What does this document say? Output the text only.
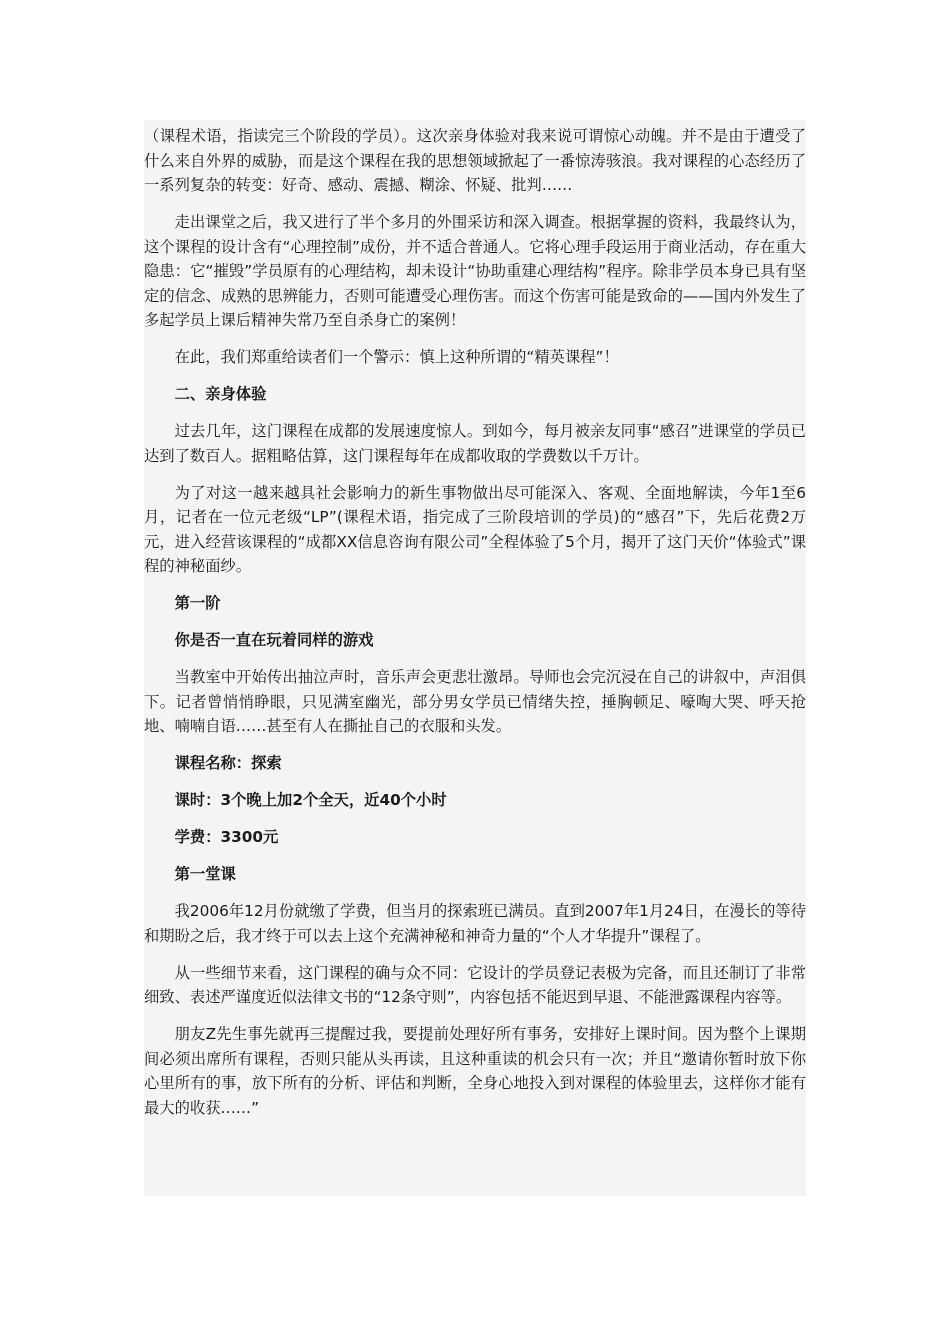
（课程术语，指读完三个阶段的学员）。这次亲身体验对我来说可谓惊心动魄。并不是由于遭受了什么来自外界的威胁，而是这个课程在我的思想领域掀起了一番惊涛骇浪。我对课程的心态经历了一系列复杂的转变：好奇、感动、震撼、糊涂、怀疑、批判……

走出课堂之后，我又进行了半个多月的外围采访和深入调查。根据掌握的资料，我最终认为，这个课程的设计含有“心理控制”成份，并不适合普通人。它将心理手段运用于商业活动，存在重大隐患：它“摧毁”学员原有的心理结构，却未设计“协助重建心理结构”程序。除非学员本身已具有坚定的信念、成熟的思辨能力，否则可能遭受心理伤害。而这个伤害可能是致命的——国内外发生了多起学员上课后精神失常乃至自杀身亡的案例！

在此，我们郑重给读者们一个警示：慎上这种所谓的“精英课程”！

二、亲身体验

过去几年，这门课程在成都的发展速度惊人。到如今，每月被亲友同事“感召”进课堂的学员已达到了数百人。据粗略估算，这门课程每年在成都收取的学费数以千万计。

为了对这一越来越具社会影响力的新生事物做出尽可能深入、客观、全面地解读，今年1至6月，记者在一位元老级“LP”(课程术语，指完成了三阶段培训的学员)的“感召”下，先后花费2万元，进入经营该课程的“成都XX信息咨询有限公司”全程体验了5个月，揭开了这门天价“体验式”课程的神秘面纱。

第一阶
你是否一直在玩着同样的游戏

当教室中开始传出抽泣声时，音乐声会更悲壮激昂。导师也会完沉浸在自己的讲叙中，声泪俱下。记者曾悄悄睁眼，只见满室幽光，部分男女学员已情绪失控，捶胸顿足、嚎啕大哭、呼天抢地、喃喃自语……甚至有人在撕扯自己的衣服和头发。

课程名称：探索
课时：3个晚上加2个全天，近40个小时
学费：3300元
第一堂课

我2006年12月份就缴了学费，但当月的探索班已满员。直到2007年1月24日，在漫长的等待和期盼之后，我才终于可以去上这个充满神秘和神奇力量的“个人才华提升”课程了。

从一些细节来看，这门课程的确与众不同：它设计的学员登记表极为完备，而且还制订了非常细致、表述严谨度近似法律文书的“12条守则”，内容包括不能迟到早退、不能泄露课程内容等。

朋友Z先生事先就再三提醒过我，要提前处理好所有事务，安排好上课时间。因为整个上课期间必须出席所有课程，否则只能从头再读，且这种重读的机会只有一次；并且“邀请你暂时放下你心里所有的事，放下所有的分析、评估和判断，全身心地投入到对课程的体验里去，这样你才能有最大的收获……”
